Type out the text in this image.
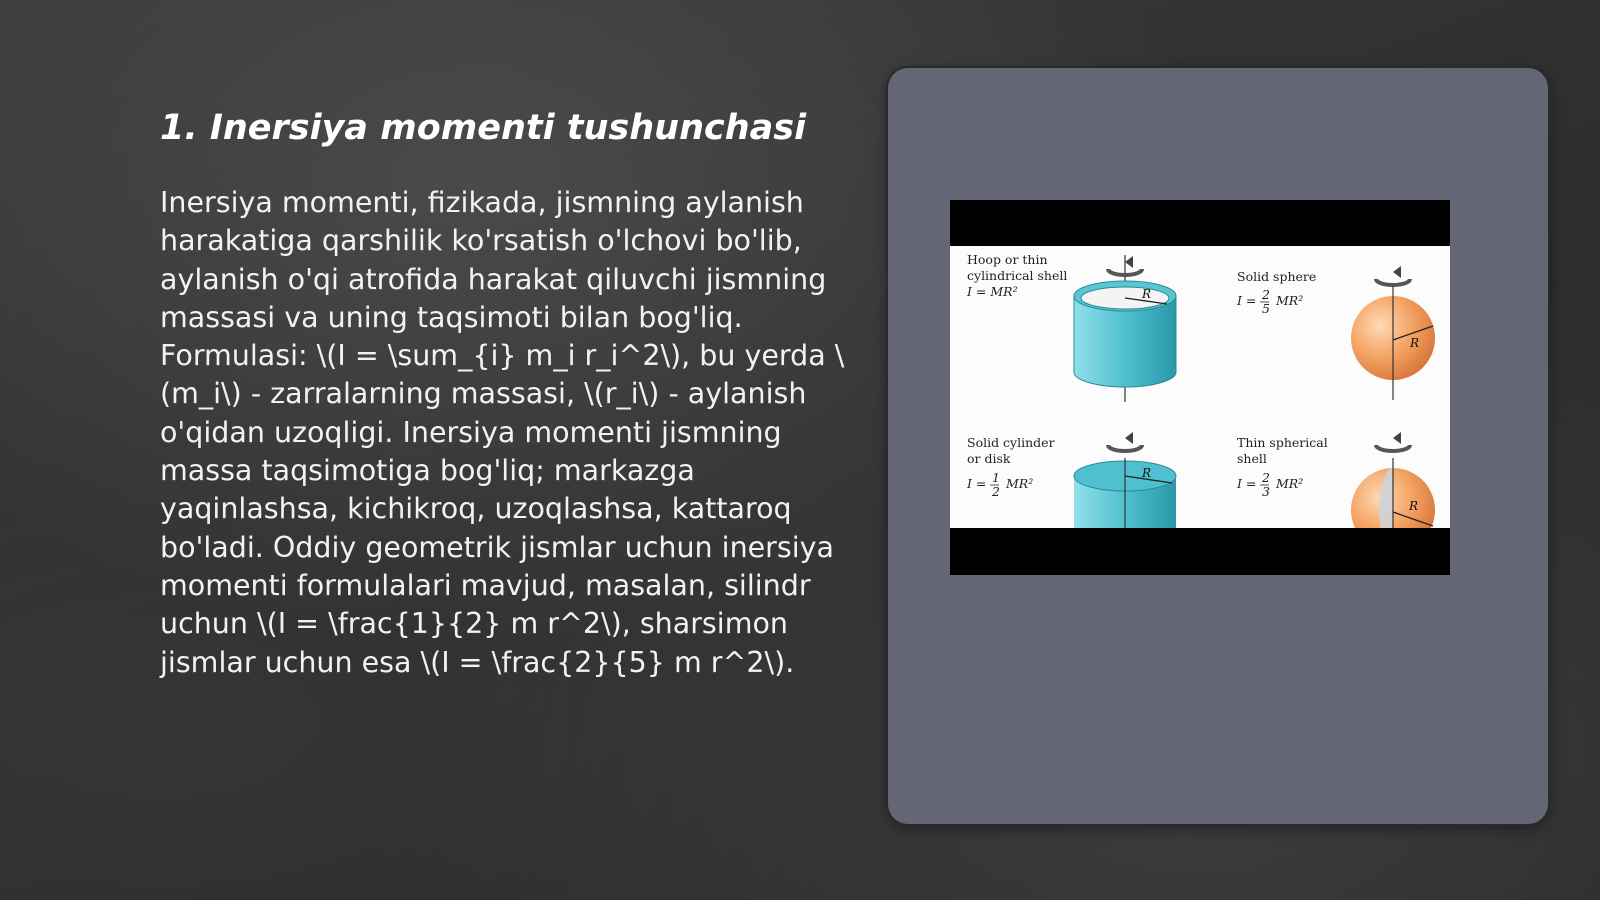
1. Inersiya momenti tushunchasi

Inersiya momenti, fizikada, jismning aylanish harakatiga qarshilik ko'rsatish o'lchovi bo'lib, aylanish o'qi atrofida harakat qiluvchi jismning massasi va uning taqsimoti bilan bog'liq. Formulasi: \(I = \sum_{i} m_i r_i^2\), bu yerda \(m_i\) - zarralarning massasi, \(r_i\) - aylanish o'qidan uzoqligi. Inersiya momenti jismning massa taqsimotiga bog'liq; markazga yaqinlashsa, kichikroq, uzoqlashsa, kattaroq bo'ladi. Oddiy geometrik jismlar uchun inersiya momenti formulalari mavjud, masalan, silindr uchun \(I = \frac{1}{2} m r^2\), sharsimon jismlar uchun esa \(I = \frac{2}{5} m r^2\).

Hoop or thin
cylindrical shell
I = MR²	R
Solid sphere
I = 2
5
MR²
R
Solid cylinder
or disk
I = 1
2
MR²
R
Thin spherical
shell
I = 2
3
MR²
R
